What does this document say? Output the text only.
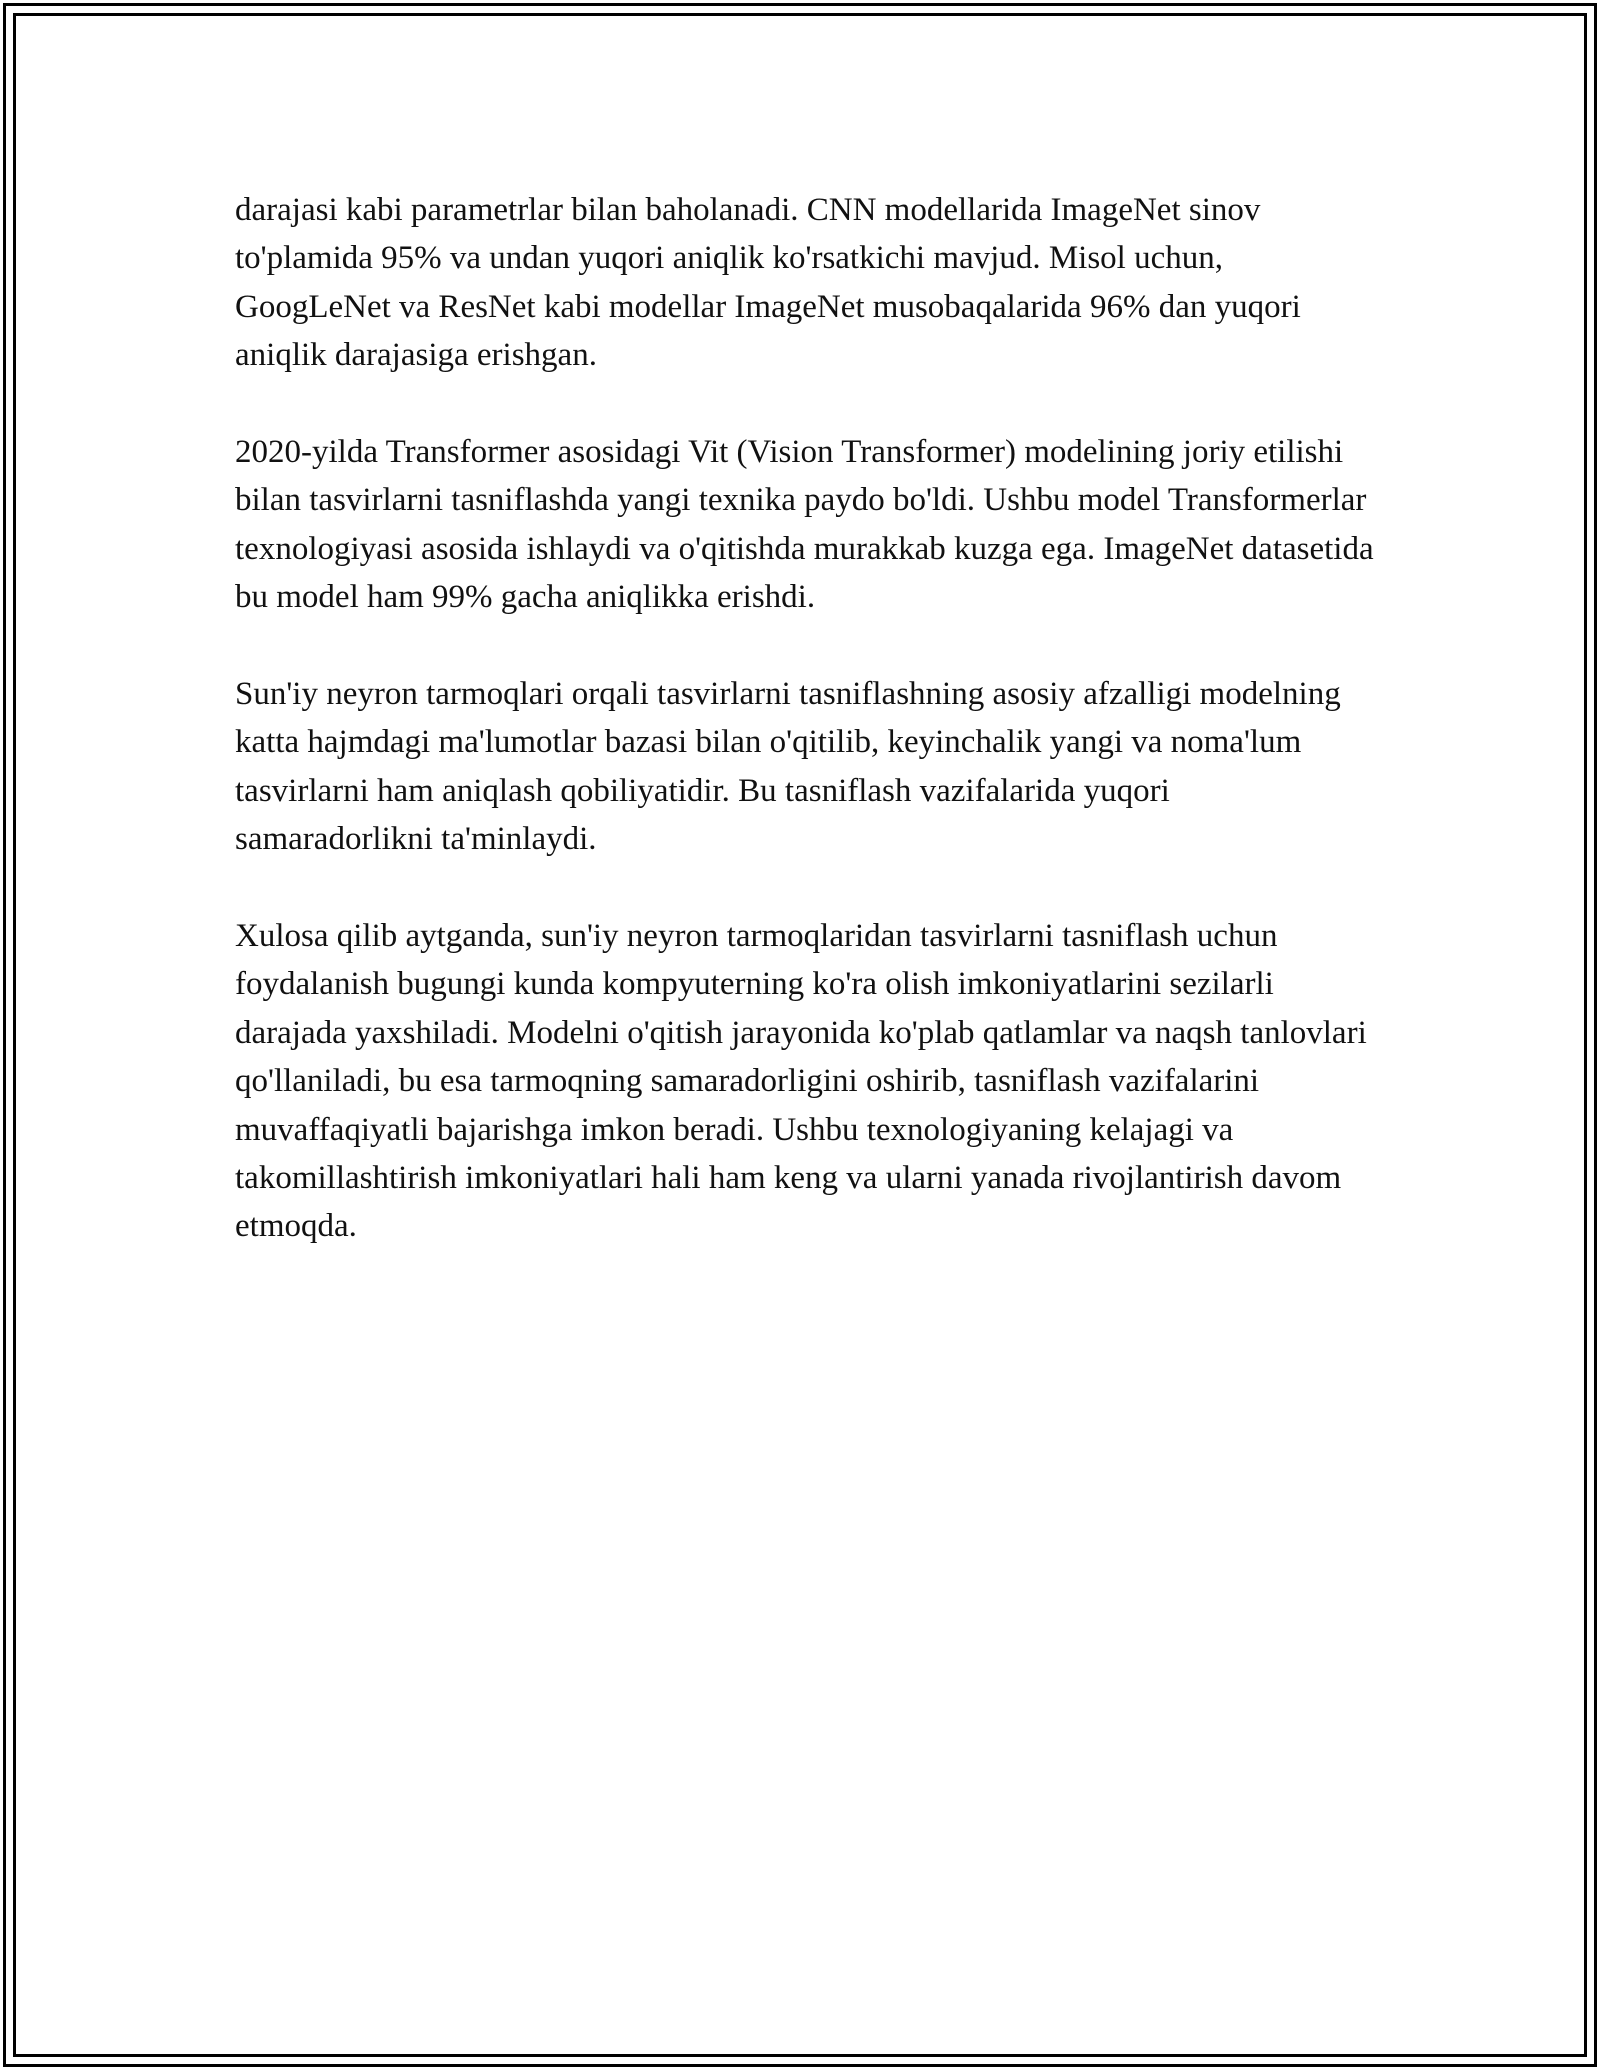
darajasi kabi parametrlar bilan baholanadi. CNN modellarida ImageNet sinov to'plamida 95% va undan yuqori aniqlik ko'rsatkichi mavjud. Misol uchun, GoogLeNet va ResNet kabi modellar ImageNet musobaqalarida 96% dan yuqori aniqlik darajasiga erishgan.

2020-yilda Transformer asosidagi Vit (Vision Transformer) modelining joriy etilishi bilan tasvirlarni tasniflashda yangi texnika paydo bo'ldi. Ushbu model Transformerlar texnologiyasi asosida ishlaydi va o'qitishda murakkab kuzga ega. ImageNet datasetida bu model ham 99% gacha aniqlikka erishdi.

Sun'iy neyron tarmoqlari orqali tasvirlarni tasniflashning asosiy afzalligi modelning katta hajmdagi ma'lumotlar bazasi bilan o'qitilib, keyinchalik yangi va noma'lum tasvirlarni ham aniqlash qobiliyatidir. Bu tasniflash vazifalarida yuqori samaradorlikni ta'minlaydi.

Xulosa qilib aytganda, sun'iy neyron tarmoqlaridan tasvirlarni tasniflash uchun foydalanish bugungi kunda kompyuterning ko'ra olish imkoniyatlarini sezilarli darajada yaxshiladi. Modelni o'qitish jarayonida ko'plab qatlamlar va naqsh tanlovlari qo'llaniladi, bu esa tarmoqning samaradorligini oshirib, tasniflash vazifalarini muvaffaqiyatli bajarishga imkon beradi. Ushbu texnologiyaning kelajagi va takomillashtirish imkoniyatlari hali ham keng va ularni yanada rivojlantirish davom etmoqda.
